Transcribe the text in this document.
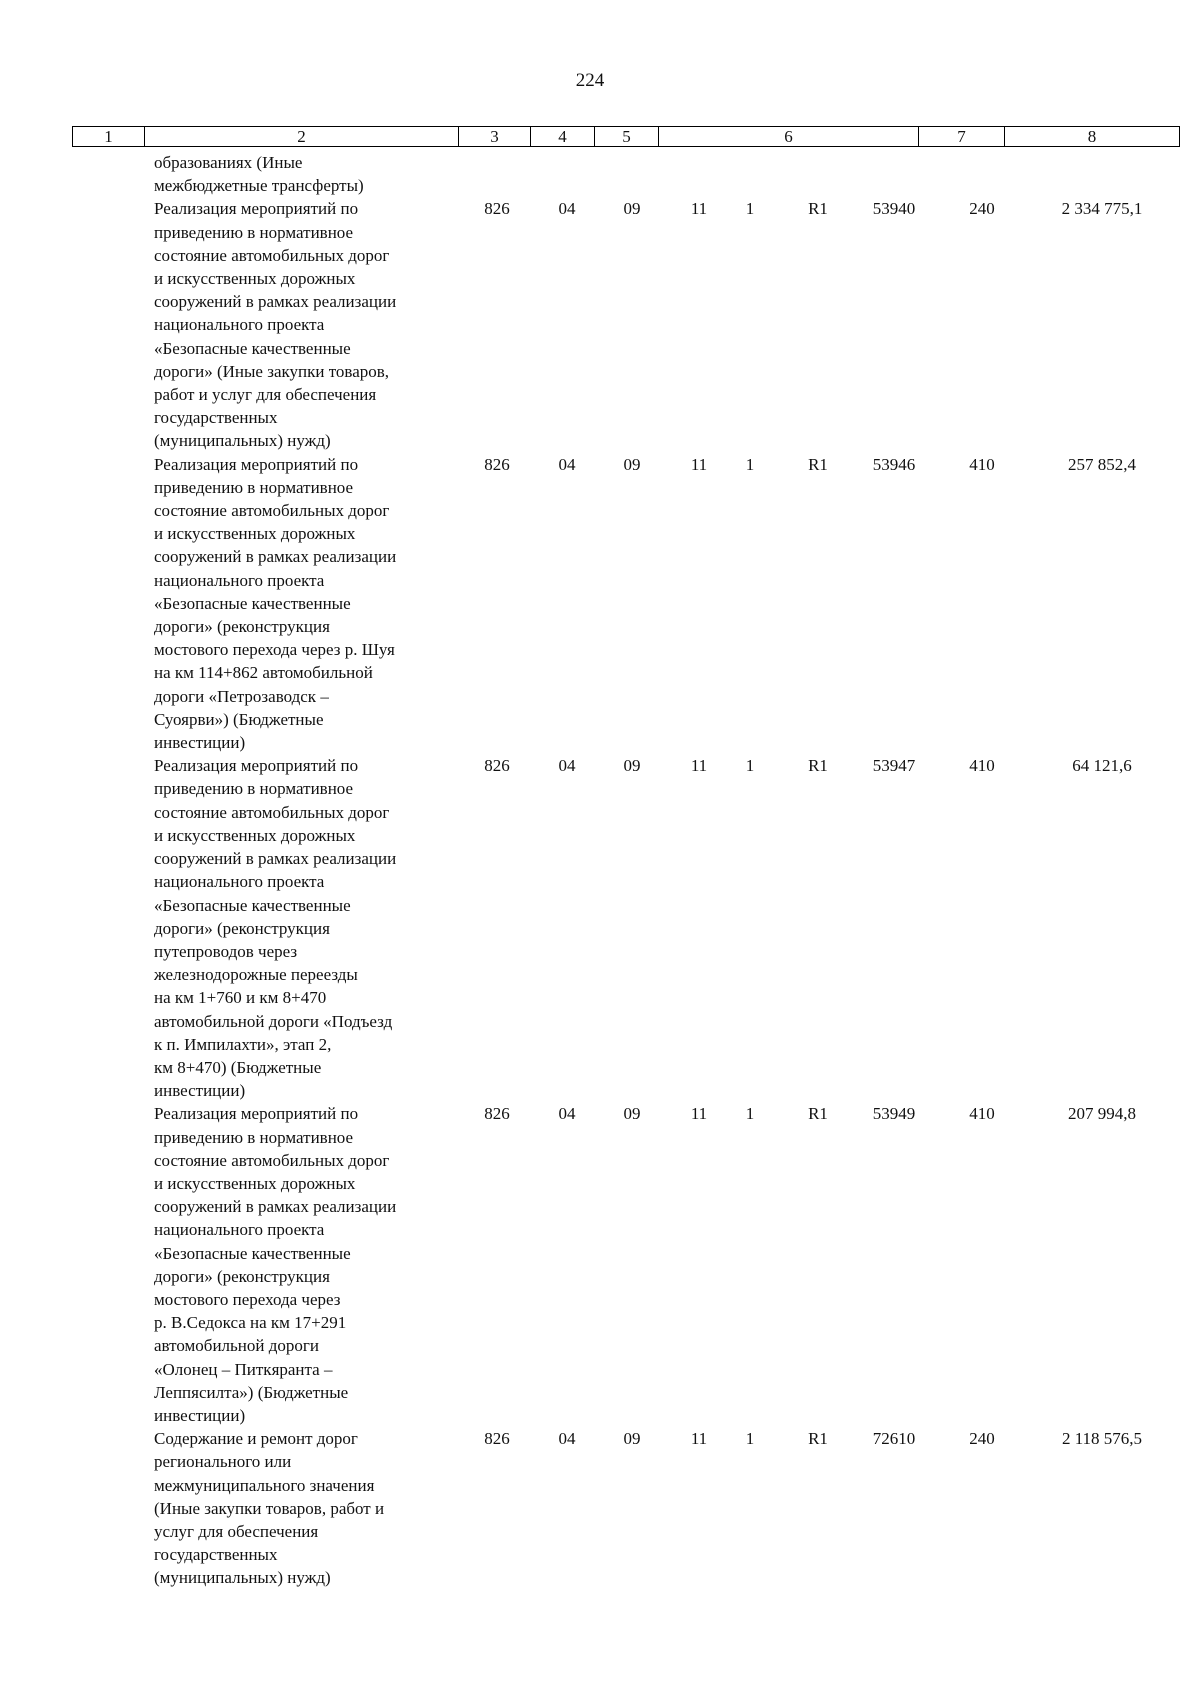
224
1	2	3	4	5	6	7	8
образованиях (Иные
межбюджетные трансферты)
Реализация мероприятий по
приведению в нормативное
состояние автомобильных дорог
и искусственных дорожных
сооружений в рамках реализации
национального проекта
«Безопасные качественные
дороги» (Иные закупки товаров,
работ и услуг для обеспечения
государственных
(муниципальных) нужд)
826	04	09	11	1	R1	53940	240	2 334 775,1
Реализация мероприятий по
приведению в нормативное
состояние автомобильных дорог
и искусственных дорожных
сооружений в рамках реализации
национального проекта
«Безопасные качественные
дороги» (реконструкция
мостового перехода через р. Шуя
на км 114+862 автомобильной
дороги «Петрозаводск –
Суоярви») (Бюджетные
инвестиции)
826	04	09	11	1	R1	53946	410	257 852,4
Реализация мероприятий по
приведению в нормативное
состояние автомобильных дорог
и искусственных дорожных
сооружений в рамках реализации
национального проекта
«Безопасные качественные
дороги» (реконструкция
путепроводов через
железнодорожные переезды
на км 1+760 и км 8+470
автомобильной дороги «Подъезд
к п. Импилахти», этап 2,
км 8+470) (Бюджетные
инвестиции)
826	04	09	11	1	R1	53947	410	64 121,6
Реализация мероприятий по
приведению в нормативное
состояние автомобильных дорог
и искусственных дорожных
сооружений в рамках реализации
национального проекта
«Безопасные качественные
дороги» (реконструкция
мостового перехода через
р. В.Седокса на км 17+291
автомобильной дороги
«Олонец – Питкяранта –
Леппясилта») (Бюджетные
инвестиции)
826	04	09	11	1	R1	53949	410	207 994,8
Содержание и ремонт дорог
регионального или
межмуниципального значения
(Иные закупки товаров, работ и
услуг для обеспечения
государственных
(муниципальных) нужд)
826	04	09	11	1	R1	72610	240	2 118 576,5
